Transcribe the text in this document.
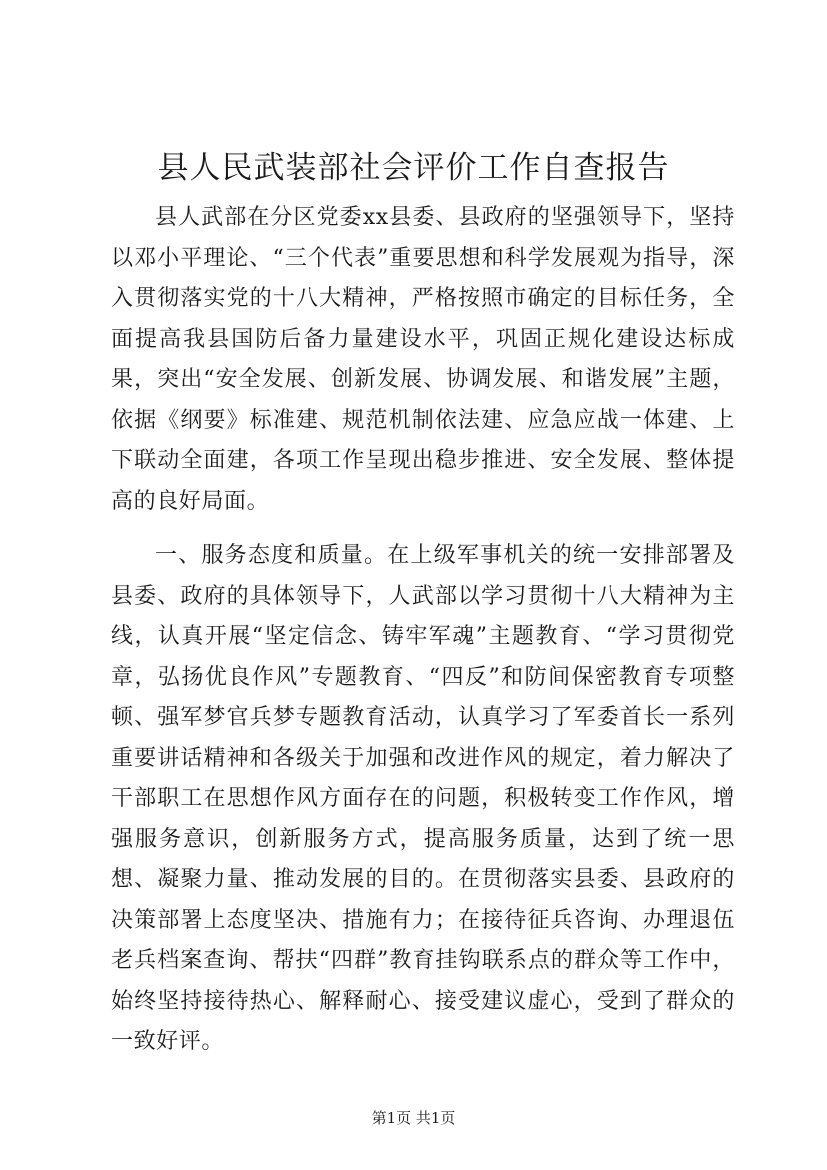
县人民武装部社会评价工作自查报告

县人武部在分区党委xx县委、县政府的坚强领导下，坚持以邓小平理论、“三个代表”重要思想和科学发展观为指导，深入贯彻落实党的十八大精神，严格按照市确定的目标任务，全面提高我县国防后备力量建设水平，巩固正规化建设达标成果，突出“安全发展、创新发展、协调发展、和谐发展”主题，依据《纲要》标准建、规范机制依法建、应急应战一体建、上下联动全面建，各项工作呈现出稳步推进、安全发展、整体提高的良好局面。

一、服务态度和质量。在上级军事机关的统一安排部署及县委、政府的具体领导下，人武部以学习贯彻十八大精神为主线，认真开展“坚定信念、铸牢军魂”主题教育、“学习贯彻党章，弘扬优良作风”专题教育、“四反”和防间保密教育专项整顿、强军梦官兵梦专题教育活动，认真学习了军委首长一系列重要讲话精神和各级关于加强和改进作风的规定，着力解决了干部职工在思想作风方面存在的问题，积极转变工作作风，增强服务意识，创新服务方式，提高服务质量，达到了统一思想、凝聚力量、推动发展的目的。在贯彻落实县委、县政府的决策部署上态度坚决、措施有力；在接待征兵咨询、办理退伍老兵档案查询、帮扶“四群”教育挂钩联系点的群众等工作中，始终坚持接待热心、解释耐心、接受建议虚心，受到了群众的一致好评。

第1页 共1页
